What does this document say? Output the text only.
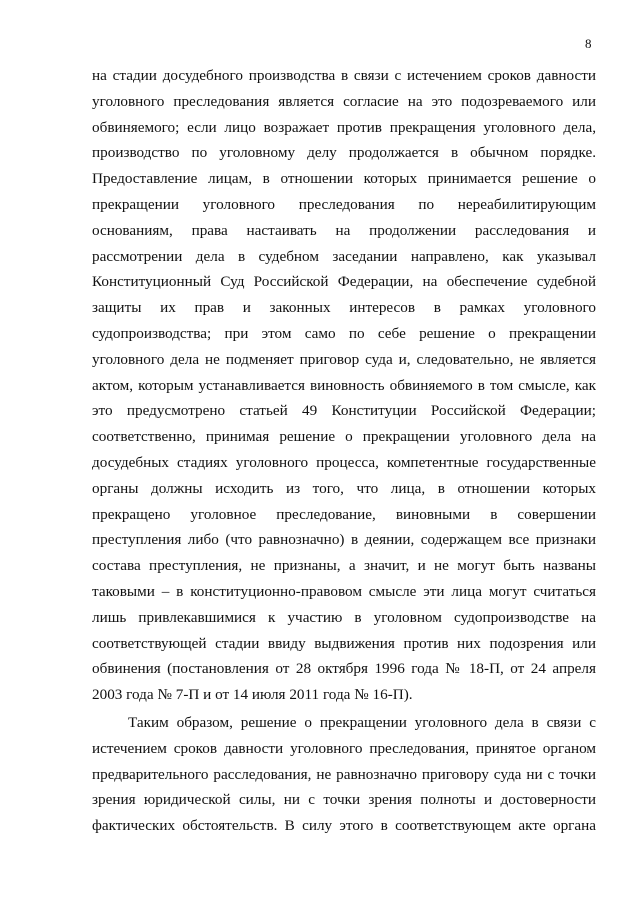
8
на стадии досудебного производства в связи с истечением сроков давности
уголовного преследования является согласие на это подозреваемого или
обвиняемого; если лицо возражает против прекращения уголовного дела,
производство по уголовному делу продолжается в обычном порядке.
Предоставление лицам, в отношении которых принимается решение о
прекращении уголовного преследования по нереабилитирующим
основаниям, права настаивать на продолжении расследования и
рассмотрении дела в судебном заседании направлено, как указывал
Конституционный Суд Российской Федерации, на обеспечение судебной
защиты их прав и законных интересов в рамках уголовного
судопроизводства; при этом само по себе решение о прекращении
уголовного дела не подменяет приговор суда и, следовательно, не является
актом, которым устанавливается виновность обвиняемого в том смысле, как
это предусмотрено статьей 49 Конституции Российской Федерации;
соответственно, принимая решение о прекращении уголовного дела на
досудебных стадиях уголовного процесса, компетентные государственные
органы должны исходить из того, что лица, в отношении которых
прекращено уголовное преследование, виновными в совершении
преступления либо (что равнозначно) в деянии, содержащем все признаки
состава преступления, не признаны, а значит, и не могут быть названы
таковыми – в конституционно-правовом смысле эти лица могут считаться
лишь привлекавшимися к участию в уголовном судопроизводстве на
соответствующей стадии ввиду выдвижения против них подозрения или
обвинения (постановления от 28 октября 1996 года № 18-П, от 24 апреля
2003 года № 7-П и от 14 июля 2011 года № 16-П).
Таким образом, решение о прекращении уголовного дела в связи с
истечением сроков давности уголовного преследования, принятое органом
предварительного расследования, не равнозначно приговору суда ни с точки
зрения юридической силы, ни с точки зрения полноты и достоверности
фактических обстоятельств. В силу этого в соответствующем акте органа
